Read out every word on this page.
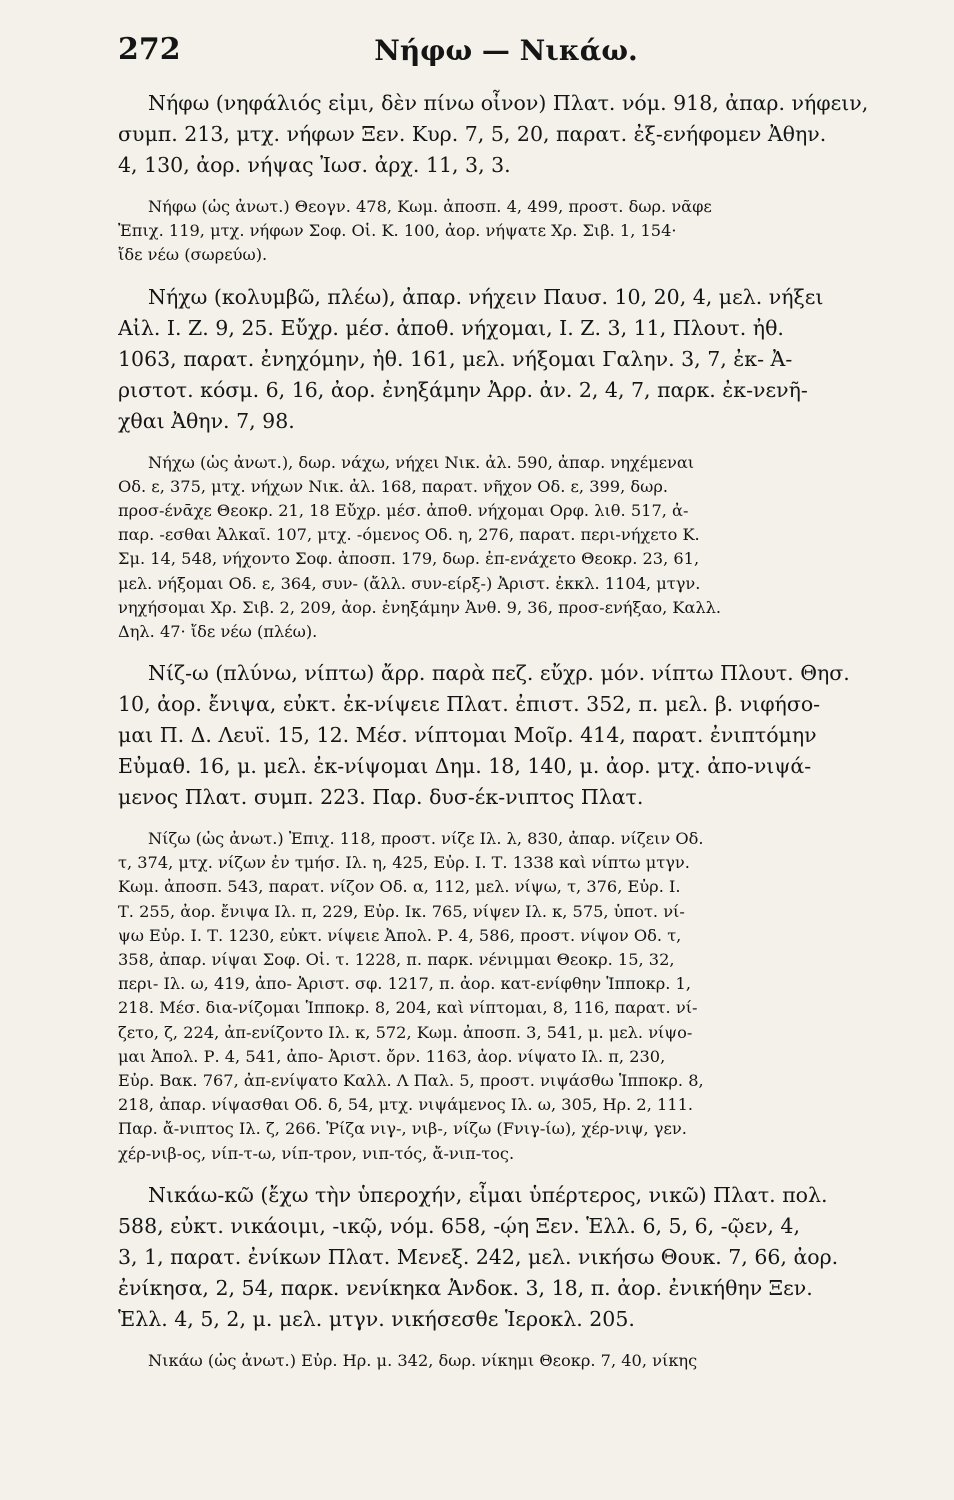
272	Νήφω — Νικάω.
Νήφω (νηφάλιός εἰμι, δὲν πίνω οἶνον) Πλατ. νόμ. 918, ἀπαρ. νήφειν,
συμπ. 213, μτχ. νήφων Ξεν. Κυρ. 7, 5, 20, παρατ. ἐξ-ενήφομεν Ἀθην.
4, 130, ἀορ. νήψας Ἰωσ. ἀρχ. 11, 3, 3.
Νήφω (ὡς ἀνωτ.) Θεογν. 478, Κωμ. ἀποσπ. 4, 499, προστ. δωρ. νᾶφε
Ἐπιχ. 119, μτχ. νήφων Σοφ. Οἱ. Κ. 100, ἀορ. νήψατε Χρ. Σιβ. 1, 154·
ἴδε νέω (σωρεύω).
Νήχω (κολυμβῶ, πλέω), ἀπαρ. νήχειν Παυσ. 10, 20, 4, μελ. νήξει
Αἰλ. Ι. Ζ. 9, 25. Εὔχρ. μέσ. ἀποθ. νήχομαι, Ι. Ζ. 3, 11, Πλουτ. ἠθ.
1063, παρατ. ἐνηχόμην, ἠθ. 161, μελ. νήξομαι Γαλην. 3, 7, ἐκ- Ἀ-
ριστοτ. κόσμ. 6, 16, ἀορ. ἐνηξάμην Ἀρρ. ἀν. 2, 4, 7, παρκ. ἐκ-νενῆ-
χθαι Ἀθην. 7, 98.
Νήχω (ὡς ἀνωτ.), δωρ. νάχω, νήχει Νικ. ἀλ. 590, ἀπαρ. νηχέμεναι
Οδ. ε, 375, μτχ. νήχων Νικ. ἀλ. 168, παρατ. νῆχον Οδ. ε, 399, δωρ.
προσ-ένᾱχε Θεοκρ. 21, 18 Εὔχρ. μέσ. ἀποθ. νήχομαι Ορφ. λιθ. 517, ἀ-
παρ. -εσθαι Ἀλκαῖ. 107, μτχ. -όμενος Οδ. η, 276, παρατ. περι-νήχετο Κ.
Σμ. 14, 548, νήχοντο Σοφ. ἀποσπ. 179, δωρ. ἐπ-ενάχετο Θεοκρ. 23, 61,
μελ. νήξομαι Οδ. ε, 364, συν- (ἄλλ. συν-είρξ-) Ἀριστ. ἐκκλ. 1104, μτγν.
νηχήσομαι Χρ. Σιβ. 2, 209, ἀορ. ἐνηξάμην Ἀνθ. 9, 36, προσ-ενήξαο, Καλλ.
Δηλ. 47· ἴδε νέω (πλέω).
Νίζ-ω (πλύνω, νίπτω) ἄρρ. παρὰ πεζ. εὔχρ. μόν. νίπτω Πλουτ. Θησ.
10, ἀορ. ἔνιψα, εὐκτ. ἐκ-νίψειε Πλατ. ἐπιστ. 352, π. μελ. β. νιφήσο-
μαι Π. Δ. Λευϊ. 15, 12. Μέσ. νίπτομαι Μοῖρ. 414, παρατ. ἐνιπτόμην
Εὐμαθ. 16, μ. μελ. ἐκ-νίψομαι Δημ. 18, 140, μ. ἀορ. μτχ. ἀπο-νιψά-
μενος Πλατ. συμπ. 223. Παρ. δυσ-έκ-νιπτος Πλατ.
Νίζω (ὡς ἀνωτ.) Ἐπιχ. 118, προστ. νίζε Ιλ. λ, 830, ἀπαρ. νίζειν Οδ.
τ, 374, μτχ. νίζων ἐν τμήσ. Ιλ. η, 425, Εὐρ. Ι. Τ. 1338 καὶ νίπτω μτγν.
Κωμ. ἀποσπ. 543, παρατ. νίζον Οδ. α, 112, μελ. νίψω, τ, 376, Εὐρ. Ι.
Τ. 255, ἀορ. ἔνιψα Ιλ. π, 229, Εὐρ. Ικ. 765, νίψεν Ιλ. κ, 575, ὑποτ. νί-
ψω Εὐρ. Ι. Τ. 1230, εὐκτ. νίψειε Ἀπολ. Ρ. 4, 586, προστ. νίψον Οδ. τ,
358, ἀπαρ. νίψαι Σοφ. Οἱ. τ. 1228, π. παρκ. νένιμμαι Θεοκρ. 15, 32,
περι- Ιλ. ω, 419, ἀπο- Ἀριστ. σφ. 1217, π. ἀορ. κατ-ενίφθην Ἱπποκρ. 1,
218. Μέσ. δια-νίζομαι Ἱπποκρ. 8, 204, καὶ νίπτομαι, 8, 116, παρατ. νί-
ζετο, ζ, 224, ἀπ-ενίζοντο Ιλ. κ, 572, Κωμ. ἀποσπ. 3, 541, μ. μελ. νίψο-
μαι Ἀπολ. Ρ. 4, 541, ἀπο- Ἀριστ. ὄρν. 1163, ἀορ. νίψατο Ιλ. π, 230,
Εὐρ. Βακ. 767, ἀπ-ενίψατο Καλλ. Λ Παλ. 5, προστ. νιψάσθω Ἱπποκρ. 8,
218, ἀπαρ. νίψασθαι Οδ. δ, 54, μτχ. νιψάμενος Ιλ. ω, 305, Ηρ. 2, 111.
Παρ. ἄ-νιπτος Ιλ. ζ, 266. Ῥίζα νιγ-, νιβ-, νίζω (Fνιγ-ίω), χέρ-νιψ, γεν.
χέρ-νιβ-ος, νίπ-τ-ω, νίπ-τρον, νιπ-τός, ἄ-νιπ-τος.
Νικάω-κῶ (ἔχω τὴν ὑπεροχήν, εἶμαι ὑπέρτερος, νικῶ) Πλατ. πολ.
588, εὐκτ. νικάοιμι, -ικῷ, νόμ. 658, -ῴη Ξεν. Ἑλλ. 6, 5, 6, -ῷεν, 4,
3, 1, παρατ. ἐνίκων Πλατ. Μενεξ. 242, μελ. νικήσω Θουκ. 7, 66, ἀορ.
ἐνίκησα, 2, 54, παρκ. νενίκηκα Ἀνδοκ. 3, 18, π. ἀορ. ἐνικήθην Ξεν.
Ἑλλ. 4, 5, 2, μ. μελ. μτγν. νικήσεσθε Ἱεροκλ. 205.
Νικάω (ὡς ἀνωτ.) Εὐρ. Ηρ. μ. 342, δωρ. νίκημι Θεοκρ. 7, 40, νίκης
